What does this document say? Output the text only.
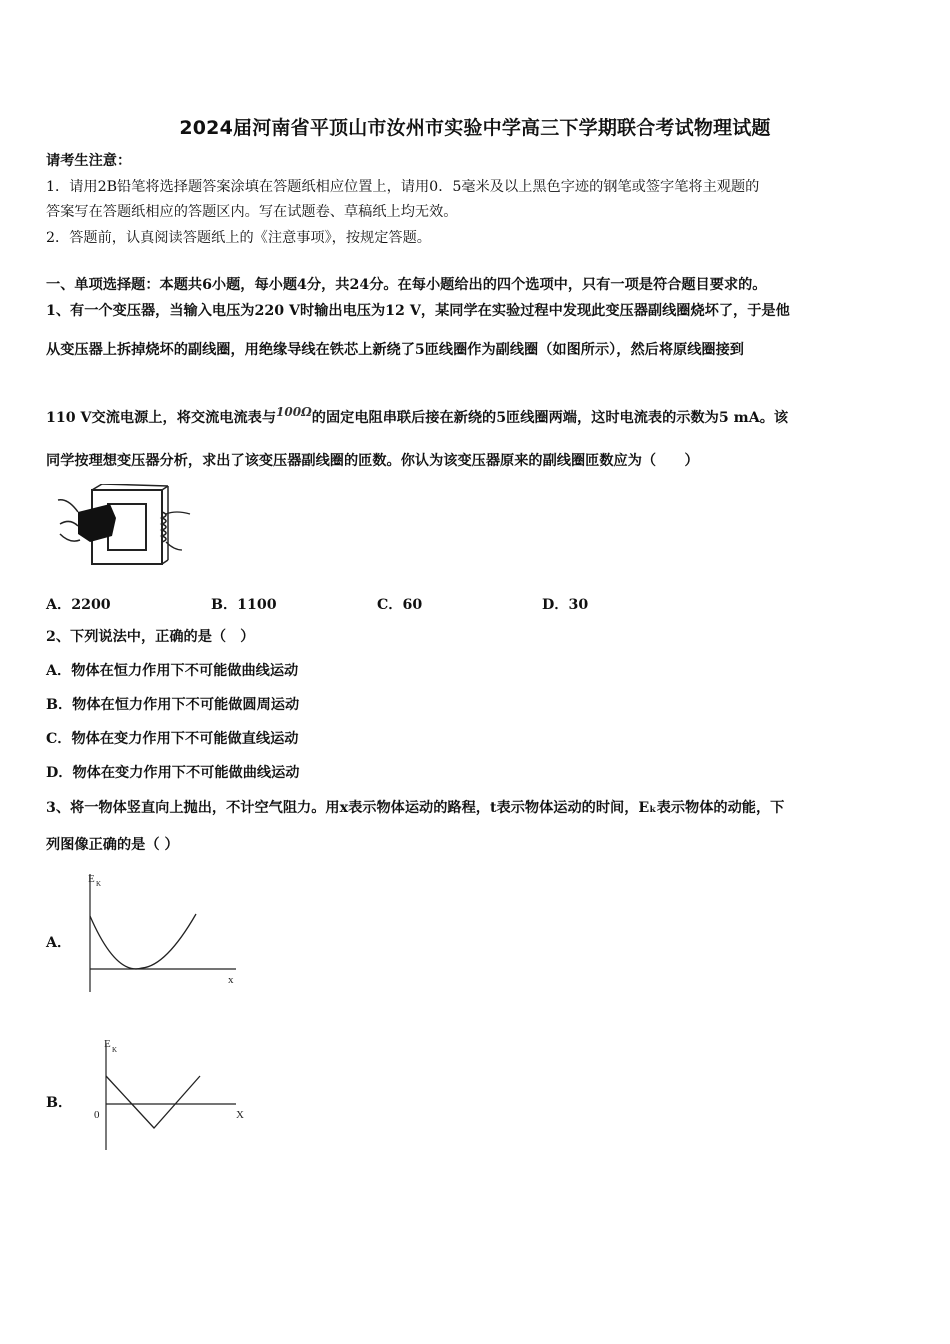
2024届河南省平顶山市汝州市实验中学高三下学期联合考试物理试题
请考生注意：
1．请用2B铅笔将选择题答案涂填在答题纸相应位置上，请用0．5毫米及以上黑色字迹的钢笔或签字笔将主观题的
答案写在答题纸相应的答题区内。写在试题卷、草稿纸上均无效。
2．答题前，认真阅读答题纸上的《注意事项》，按规定答题。
一、单项选择题：本题共6小题，每小题4分，共24分。在每小题给出的四个选项中，只有一项是符合题目要求的。
1、有一个变压器，当输入电压为220 V时输出电压为12 V，某同学在实验过程中发现此变压器副线圈烧坏了，于是他
从变压器上拆掉烧坏的副线圈，用绝缘导线在铁芯上新绕了5匝线圈作为副线圈（如图所示），然后将原线圈接到
110 V交流电源上，将交流电流表与$^{100\Omega}$的固定电阻串联后接在新绕的5匝线圈两端，这时电流表的示数为5 mA。该
同学按理想变压器分析，求出了该变压器副线圈的匝数。你认为该变压器原来的副线圈匝数应为（　　）
A．2200	B．1100	C．60	D．30
2、下列说法中，正确的是（　）
A．物体在恒力作用下不可能做曲线运动
B．物体在恒力作用下不可能做圆周运动
C．物体在变力作用下不可能做直线运动
D．物体在变力作用下不可能做曲线运动
3、将一物体竖直向上抛出，不计空气阻力。用x表示物体运动的路程，t表示物体运动的时间，Eₖ表示物体的动能，下
列图像正确的是（ ）
A．
E K
x
B．
E K
0	X
